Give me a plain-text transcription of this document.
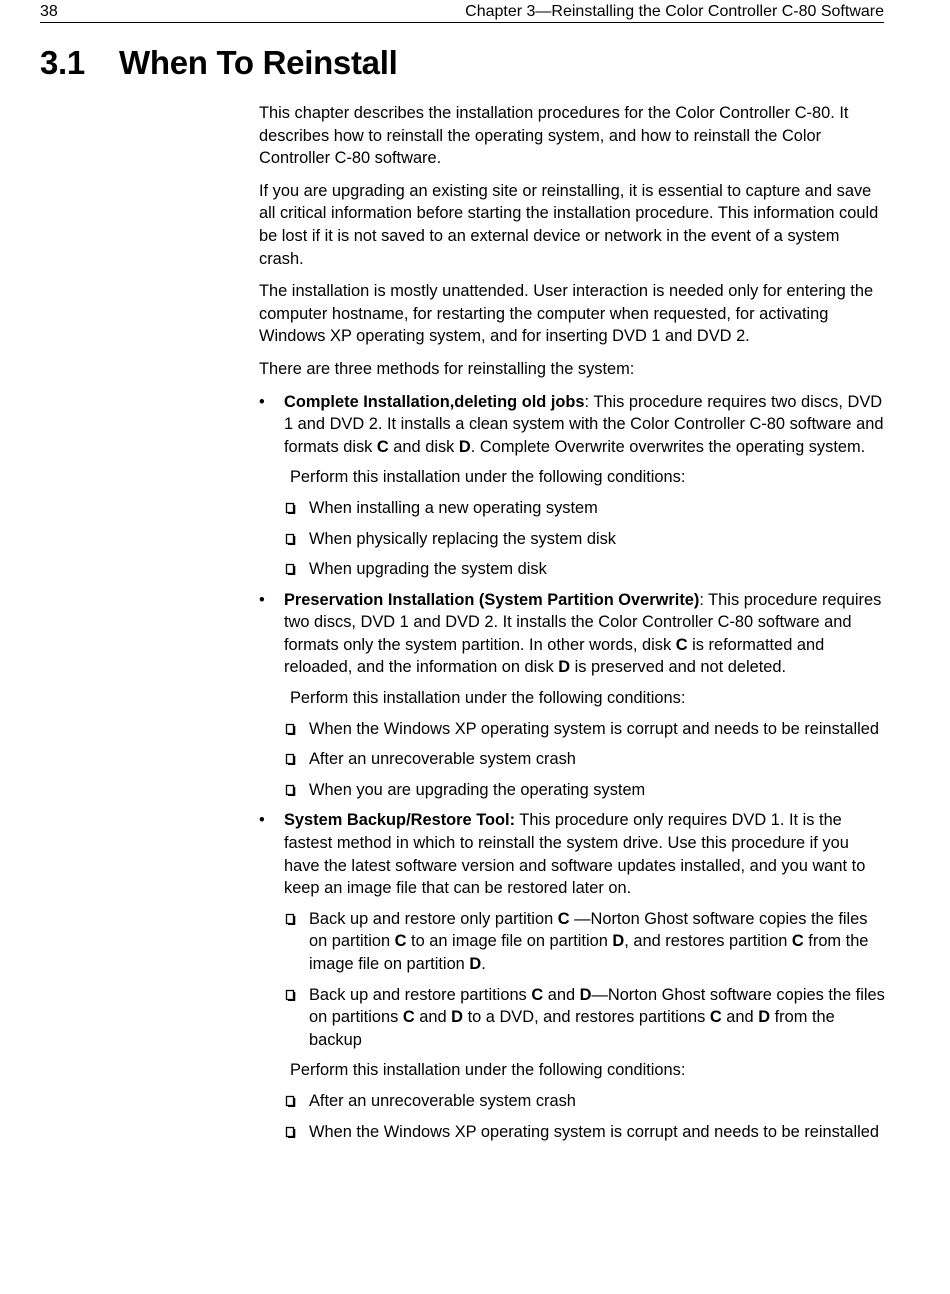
38	Chapter 3—Reinstalling the Color Controller C-80 Software
3.1 When To Reinstall

This chapter describes the installation procedures for the Color Controller C-80. It describes how to reinstall the operating system, and how to reinstall the Color Controller C-80 software.

If you are upgrading an existing site or reinstalling, it is essential to capture and save all critical information before starting the installation procedure. This information could be lost if it is not saved to an external device or network in the event of a system crash.

The installation is mostly unattended. User interaction is needed only for entering the computer hostname, for restarting the computer when requested, for activating Windows XP operating system, and for inserting DVD 1 and DVD 2.

There are three methods for reinstalling the system:

• Complete Installation,deleting old jobs: This procedure requires two discs, DVD 1 and DVD 2. It installs a clean system with the Color Controller C-80 software and formats disk C and disk D. Complete Overwrite overwrites the operating system.
Perform this installation under the following conditions:
When installing a new operating system
When physically replacing the system disk
When upgrading the system disk
• Preservation Installation (System Partition Overwrite): This procedure requires two discs, DVD 1 and DVD 2. It installs the Color Controller C-80 software and formats only the system partition. In other words, disk C is reformatted and reloaded, and the information on disk D is preserved and not deleted.
Perform this installation under the following conditions:
When the Windows XP operating system is corrupt and needs to be reinstalled
After an unrecoverable system crash
When you are upgrading the operating system
• System Backup/Restore Tool: This procedure only requires DVD 1. It is the fastest method in which to reinstall the system drive. Use this procedure if you have the latest software version and software updates installed, and you want to keep an image file that can be restored later on.
Back up and restore only partition C —Norton Ghost software copies the files on partition C to an image file on partition D, and restores partition C from the image file on partition D.
Back up and restore partitions C and D—Norton Ghost software copies the files on partitions C and D to a DVD, and restores partitions C and D from the backup
Perform this installation under the following conditions:
After an unrecoverable system crash
When the Windows XP operating system is corrupt and needs to be reinstalled
